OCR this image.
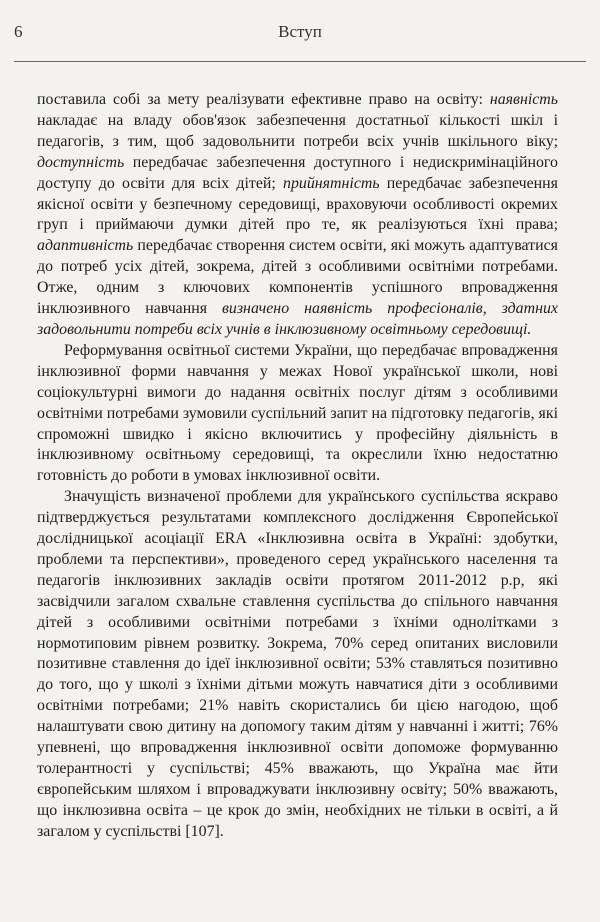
6	Вступ

поставила собі за мету реалізувати ефективне право на освіту: наявність накладає на владу обов'язок забезпечення достатньої кількості шкіл і педагогів, з тим, щоб задовольнити потреби всіх учнів шкільного віку; доступність передбачає забезпечення доступного і недискримінаційного доступу до освіти для всіх дітей; прийнятність передбачає забезпечення якісної освіти у безпечному середовищі, враховуючи особливості окремих груп і приймаючи думки дітей про те, як реалізуються їхні права; адаптивність передбачає створення систем освіти, які можуть адаптуватися до потреб усіх дітей, зокрема, дітей з особливими освітніми потребами. Отже, одним з ключових компонентів успішного впровадження інклюзивного навчання визначено наявність професіоналів, здатних задовольнити потреби всіх учнів в інклюзивному освітньому середовищі.

Реформування освітньої системи України, що передбачає впровадження інклюзивної форми навчання у межах Нової української школи, нові соціокультурні вимоги до надання освітніх послуг дітям з особливими освітніми потребами зумовили суспільний запит на підготовку педагогів, які спроможні швидко і якісно включитись у професійну діяльність в інклюзивному освітньому середовищі, та окреслили їхню недостатню готовність до роботи в умовах інклюзивної освіти.

Значущість визначеної проблеми для українського суспільства яскраво підтверджується результатами комплексного дослідження Європейської дослідницької асоціації ERA «Інклюзивна освіта в Україні: здобутки, проблеми та перспективи», проведеного серед українського населення та педагогів інклюзивних закладів освіти протягом 2011-2012 р.р, які засвідчили загалом схвальне ставлення суспільства до спільного навчання дітей з особливими освітніми потребами з їхніми однолітками з нормотиповим рівнем розвитку. Зокрема, 70% серед опитаних висловили позитивне ставлення до ідеї інклюзивної освіти; 53% ставляться позитивно до того, що у школі з їхніми дітьми можуть навчатися діти з особливими освітніми потребами; 21% навіть скористались би цією нагодою, щоб налаштувати свою дитину на допомогу таким дітям у навчанні і житті; 76% упевнені, що впровадження інклюзивної освіти допоможе формуванню толерантності у суспільстві; 45% вважають, що Україна має йти європейським шляхом і впроваджувати інклюзивну освіту; 50% вважають, що інклюзивна освіта – це крок до змін, необхідних не тільки в освіті, а й загалом у суспільстві [107].
